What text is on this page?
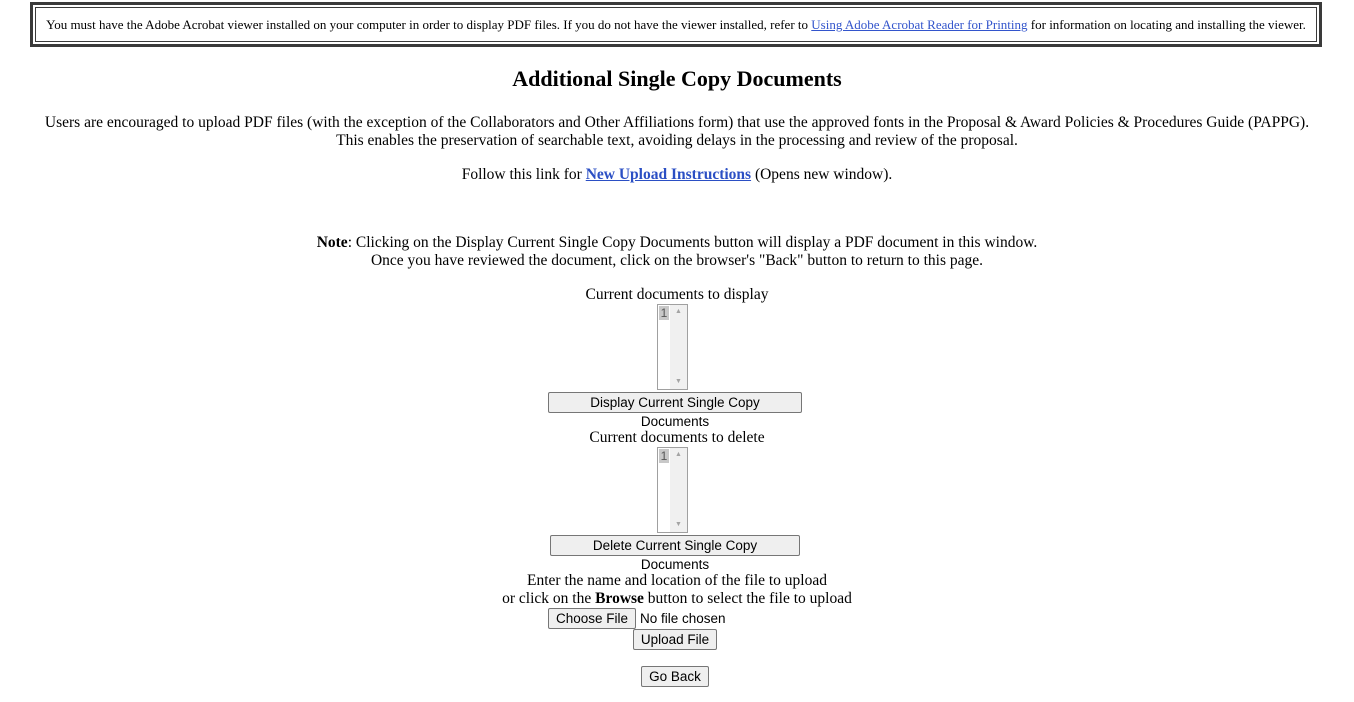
You must have the Adobe Acrobat viewer installed on your computer in order to display PDF files. If you do not have the viewer installed, refer to Using Adobe Acrobat Reader for Printing for information on locating and installing the viewer.
Additional Single Copy Documents
Users are encouraged to upload PDF files (with the exception of the Collaborators and Other Affiliations form) that use the approved fonts in the Proposal & Award Policies & Procedures Guide (PAPPG).
This enables the preservation of searchable text, avoiding delays in the processing and review of the proposal.
Follow this link for New Upload Instructions (Opens new window).
Note: Clicking on the Display Current Single Copy Documents button will display a PDF document in this window.
Once you have reviewed the document, click on the browser's "Back" button to return to this page.
Current documents to display
1	▲
▼
Display Current Single Copy Documents
Current documents to delete
1	▲
▼
Delete Current Single Copy Documents
Enter the name and location of the file to upload
or click on the Browse button to select the file to upload
Choose File No file chosen
Upload File
Go Back
